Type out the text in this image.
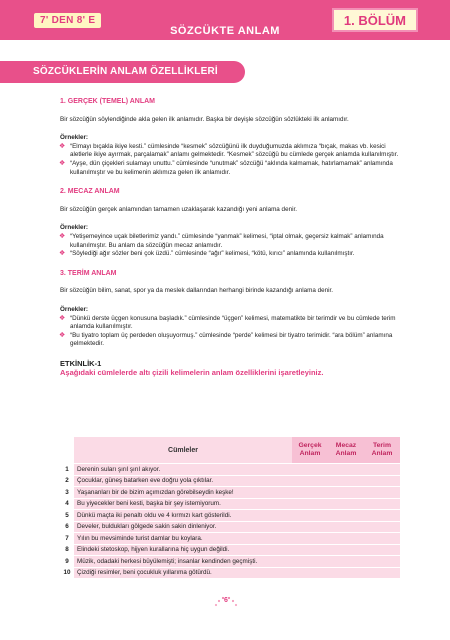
7' DEN 8' E
SÖZCÜKTE ANLAM
1. BÖLÜM
SÖZCÜKLERİN ANLAM ÖZELLİKLERİ
1. GERÇEK (TEMEL) ANLAM
Bir sözcüğün söylendiğinde akla gelen ilk anlamıdır. Başka bir deyişle sözcüğün sözlükteki ilk anlamıdır.
Örnekler:
❖ “Elmayı bıçakla ikiye kesti.” cümlesinde “kesmek” sözcüğünü ilk duyduğumuzda aklımıza “bıçak, makas vb. kesici aletlerle ikiye ayırmak, parçalamak” anlamı gelmektedir. “Kesmek” sözcüğü bu cümlede gerçek anlamda kullanılmıştır.
❖ “Ayşe, dün çiçekleri sulamayı unuttu.” cümlesinde “unutmak” sözcüğü “aklında kalmamak, hatırlamamak” anlamında kullanılmıştır ve bu kelimenin aklımıza gelen ilk anlamıdır.
2. MECAZ ANLAM
Bir sözcüğün gerçek anlamından tamamen uzaklaşarak kazandığı yeni anlama denir.
Örnekler:
❖ “Yetişemeyince uçak biletlerimiz yandı.” cümlesinde “yanmak” kelimesi, “iptal olmak, geçersiz kalmak” anlamında kullanılmıştır. Bu anlam da sözcüğün mecaz anlamıdır.
❖ “Söylediği ağır sözler beni çok üzdü.” cümlesinde “ağır” kelimesi, “kötü, kırıcı” anlamında kullanılmıştır.
3. TERİM ANLAM
Bir sözcüğün bilim, sanat, spor ya da meslek dallarından herhangi birinde kazandığı anlama denir.
Örnekler:
❖ “Dünkü derste üçgen konusuna başladık.” cümlesinde “üçgen” kelimesi, matematikte bir terimdir ve bu cümlede terim anlamda kullanılmıştır.
❖ “Bu tiyatro toplam üç perdeden oluşuyormuş.” cümlesinde “perde” kelimesi bir tiyatro terimidir. “ara bölüm” anlamına gelmektedir.
ETKİNLİK-1
Aşağıdaki cümlelerde altı çizili kelimelerin anlam özelliklerini işaretleyiniz.
	Cümleler	Gerçek Anlam	Mecaz Anlam	Terim Anlam
1	Derenin suları şırıl şırıl akıyor.			
2	Çocuklar, güneş batarken eve doğru yola çıktılar.			
3	Yaşananları bir de bizim açımızdan görebilseydin keşke!			
4	Bu yiyecekler beni kesti, başka bir şey istemiyorum.			
5	Dünkü maçta iki penaltı oldu ve 4 kırmızı kart gösterildi.			
6	Develer, buldukları gölgede sakin sakin dinleniyor.			
7	Yılın bu mevsiminde turist damlar bu koylara.			
8	Elindeki stetoskop, hijyen kurallarına hiç uygun değildi.			
9	Müzik, odadaki herkesi büyülemişti; insanlar kendinden geçmişti.			
10	Çizdiği resimler, beni çocukluk yıllarıma götürdü.			
6
